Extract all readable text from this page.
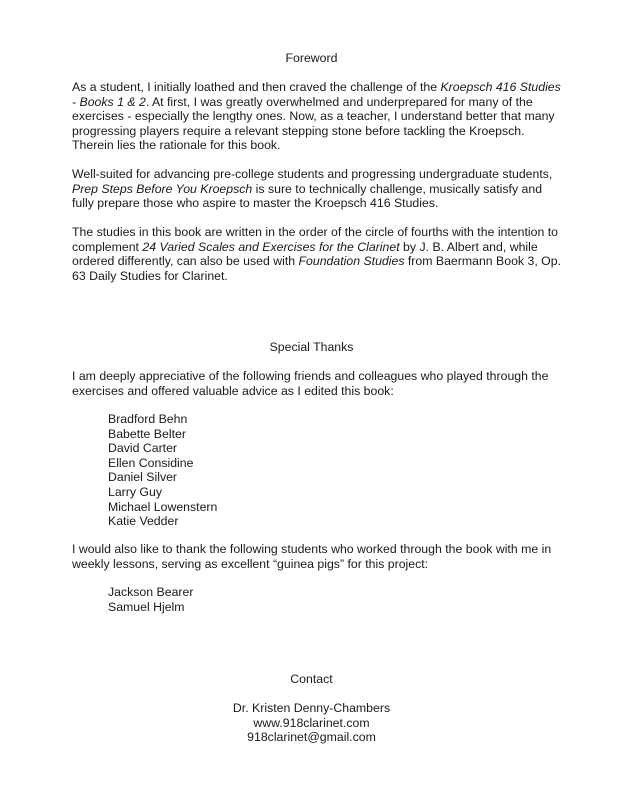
Foreword

As a student, I initially loathed and then craved the challenge of the Kroepsch 416 Studies - Books 1 & 2. At first, I was greatly overwhelmed and underprepared for many of the exercises - especially the lengthy ones. Now, as a teacher, I understand better that many progressing players require a relevant stepping stone before tackling the Kroepsch. Therein lies the rationale for this book.

Well-suited for advancing pre-college students and progressing undergraduate students, Prep Steps Before You Kroepsch is sure to technically challenge, musically satisfy and fully prepare those who aspire to master the Kroepsch 416 Studies.

The studies in this book are written in the order of the circle of fourths with the intention to complement 24 Varied Scales and Exercises for the Clarinet by J. B. Albert and, while ordered differently, can also be used with Foundation Studies from Baermann Book 3, Op. 63 Daily Studies for Clarinet.

Special Thanks

I am deeply appreciative of the following friends and colleagues who played through the exercises and offered valuable advice as I edited this book:

Bradford Behn
Babette Belter
David Carter
Ellen Considine
Daniel Silver
Larry Guy
Michael Lowenstern
Katie Vedder

I would also like to thank the following students who worked through the book with me in weekly lessons, serving as excellent “guinea pigs” for this project:

Jackson Bearer
Samuel Hjelm
Contact
Dr. Kristen Denny-Chambers
www.918clarinet.com
918clarinet@gmail.com
